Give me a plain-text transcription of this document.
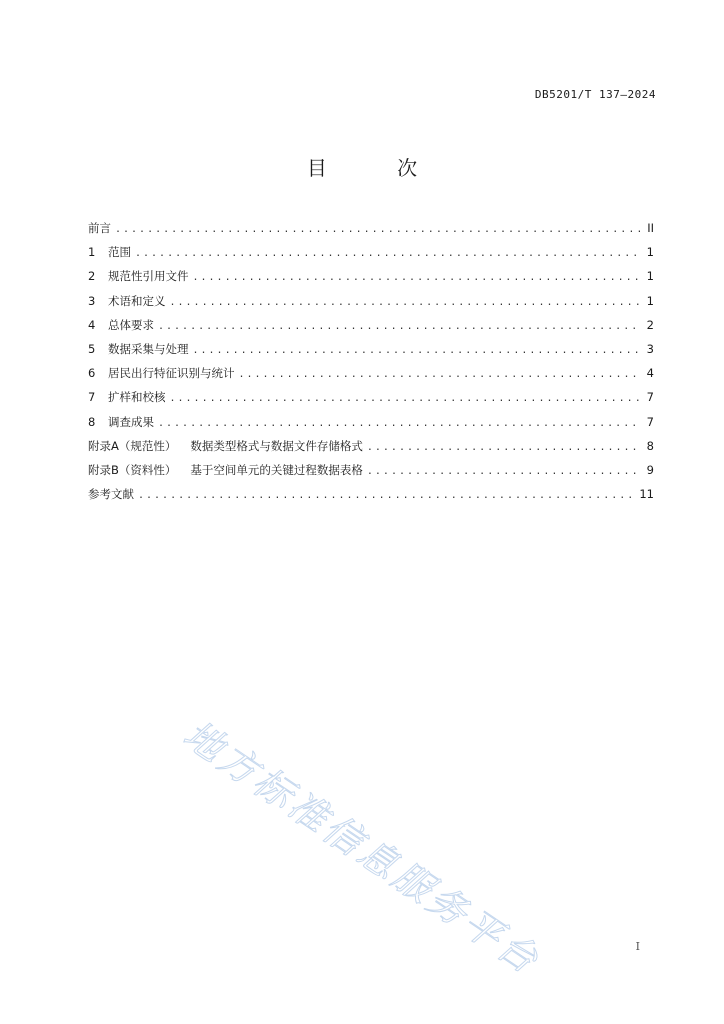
DB5201/T 137—2024
目 次
前言 .....	II
1	范围 .....	1
2	规范性引用文件 .....	1
3	术语和定义 .....	1
4	总体要求 .....	2
5	数据采集与处理 .....	3
6	居民出行特征识别与统计 .....	4
7	扩样和校核 .....	7
8	调查成果 .....	7
附录A（规范性） 数据类型格式与数据文件存储格式 .....	8
附录B（资料性） 基于空间单元的关键过程数据表格 .....	9
参考文献 .....	11
地方标准信息服务平台	I
